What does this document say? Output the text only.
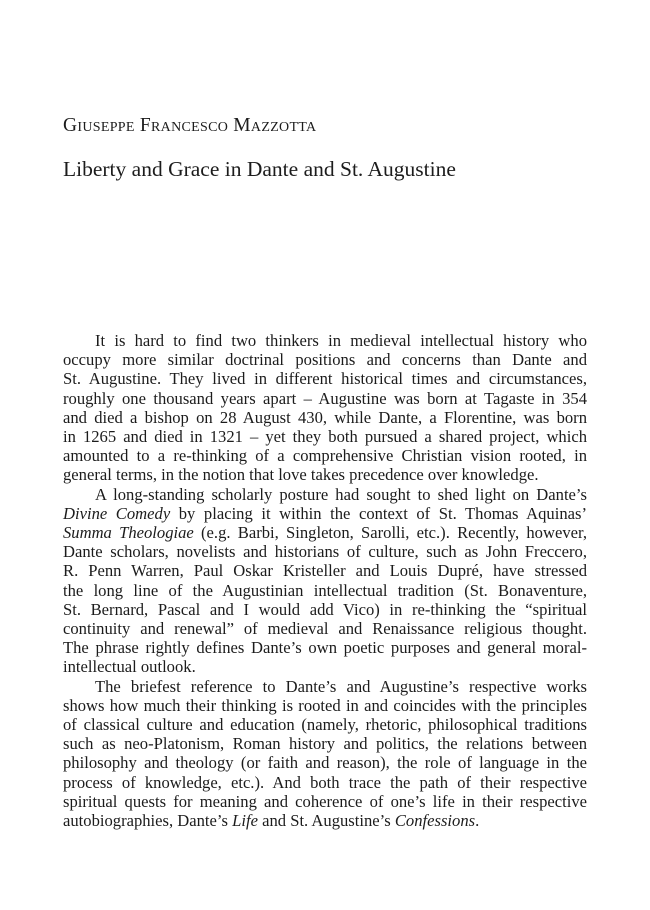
Giuseppe Francesco Mazzotta
Liberty and Grace in Dante and St. Augustine

It is hard to find two thinkers in medieval intellectual history who
occupy more similar doctrinal positions and concerns than Dante and
St. Augustine. They lived in different historical times and circumstances,
roughly one thousand years apart – Augustine was born at Tagaste in 354
and died a bishop on 28 August 430, while Dante, a Florentine, was born
in 1265 and died in 1321 – yet they both pursued a shared project, which
amounted to a re-thinking of a comprehensive Christian vision rooted, in
general terms, in the notion that love takes precedence over knowledge.

A long-standing scholarly posture had sought to shed light on Dante’s
Divine Comedy by placing it within the context of St. Thomas Aquinas’
Summa Theologiae (e.g. Barbi, Singleton, Sarolli, etc.). Recently, however,
Dante scholars, novelists and historians of culture, such as John Freccero,
R. Penn Warren, Paul Oskar Kristeller and Louis Dupré, have stressed
the long line of the Augustinian intellectual tradition (St. Bonaventure,
St. Bernard, Pascal and I would add Vico) in re-thinking the “spiritual
continuity and renewal” of medieval and Renaissance religious thought.
The phrase rightly defines Dante’s own poetic purposes and general moral-
intellectual outlook.

The briefest reference to Dante’s and Augustine’s respective works
shows how much their thinking is rooted in and coincides with the principles
of classical culture and education (namely, rhetoric, philosophical traditions
such as neo-Platonism, Roman history and politics, the relations between
philosophy and theology (or faith and reason), the role of language in the
process of knowledge, etc.). And both trace the path of their respective
spiritual quests for meaning and coherence of one’s life in their respective
autobiographies, Dante’s Life and St. Augustine’s Confessions.
